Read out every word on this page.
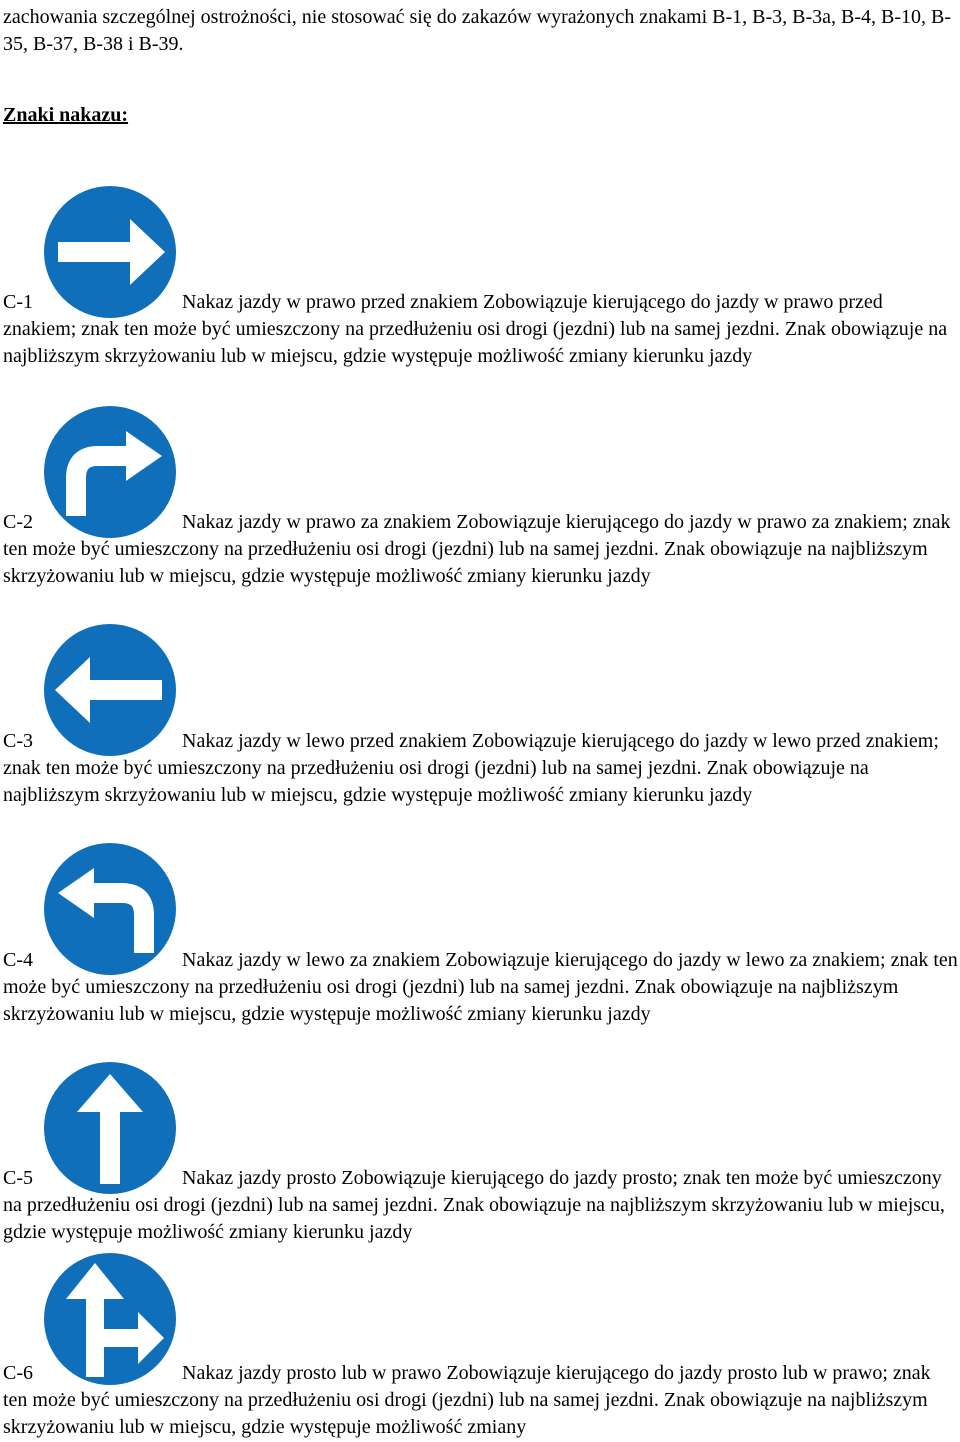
zachowania szczególnej ostrożności, nie stosować się do zakazów wyrażonych znakami B-1, B-3, B-3a, B-4, B-10, B-35, B-37, B-38 i B-39.
Znaki nakazu:
C-1	Nakaz jazdy w prawo przed znakiem Zobowiązuje kierującego do jazdy w prawo przed znakiem; znak ten może być umieszczony na przedłużeniu osi drogi (jezdni) lub na samej jezdni. Znak obowiązuje na najbliższym skrzyżowaniu lub w miejscu, gdzie występuje możliwość zmiany kierunku jazdy
C-2	Nakaz jazdy w prawo za znakiem Zobowiązuje kierującego do jazdy w prawo za znakiem; znak ten może być umieszczony na przedłużeniu osi drogi (jezdni) lub na samej jezdni. Znak obowiązuje na najbliższym skrzyżowaniu lub w miejscu, gdzie występuje możliwość zmiany kierunku jazdy
C-3	Nakaz jazdy w lewo przed znakiem Zobowiązuje kierującego do jazdy w lewo przed znakiem; znak ten może być umieszczony na przedłużeniu osi drogi (jezdni) lub na samej jezdni. Znak obowiązuje na najbliższym skrzyżowaniu lub w miejscu, gdzie występuje możliwość zmiany kierunku jazdy
C-4	Nakaz jazdy w lewo za znakiem Zobowiązuje kierującego do jazdy w lewo za znakiem; znak ten może być umieszczony na przedłużeniu osi drogi (jezdni) lub na samej jezdni. Znak obowiązuje na najbliższym skrzyżowaniu lub w miejscu, gdzie występuje możliwość zmiany kierunku jazdy
C-5	Nakaz jazdy prosto Zobowiązuje kierującego do jazdy prosto; znak ten może być umieszczony na przedłużeniu osi drogi (jezdni) lub na samej jezdni. Znak obowiązuje na najbliższym skrzyżowaniu lub w miejscu, gdzie występuje możliwość zmiany kierunku jazdy
C-6	Nakaz jazdy prosto lub w prawo Zobowiązuje kierującego do jazdy prosto lub w prawo; znak ten może być umieszczony na przedłużeniu osi drogi (jezdni) lub na samej jezdni. Znak obowiązuje na najbliższym skrzyżowaniu lub w miejscu, gdzie występuje możliwość zmiany
